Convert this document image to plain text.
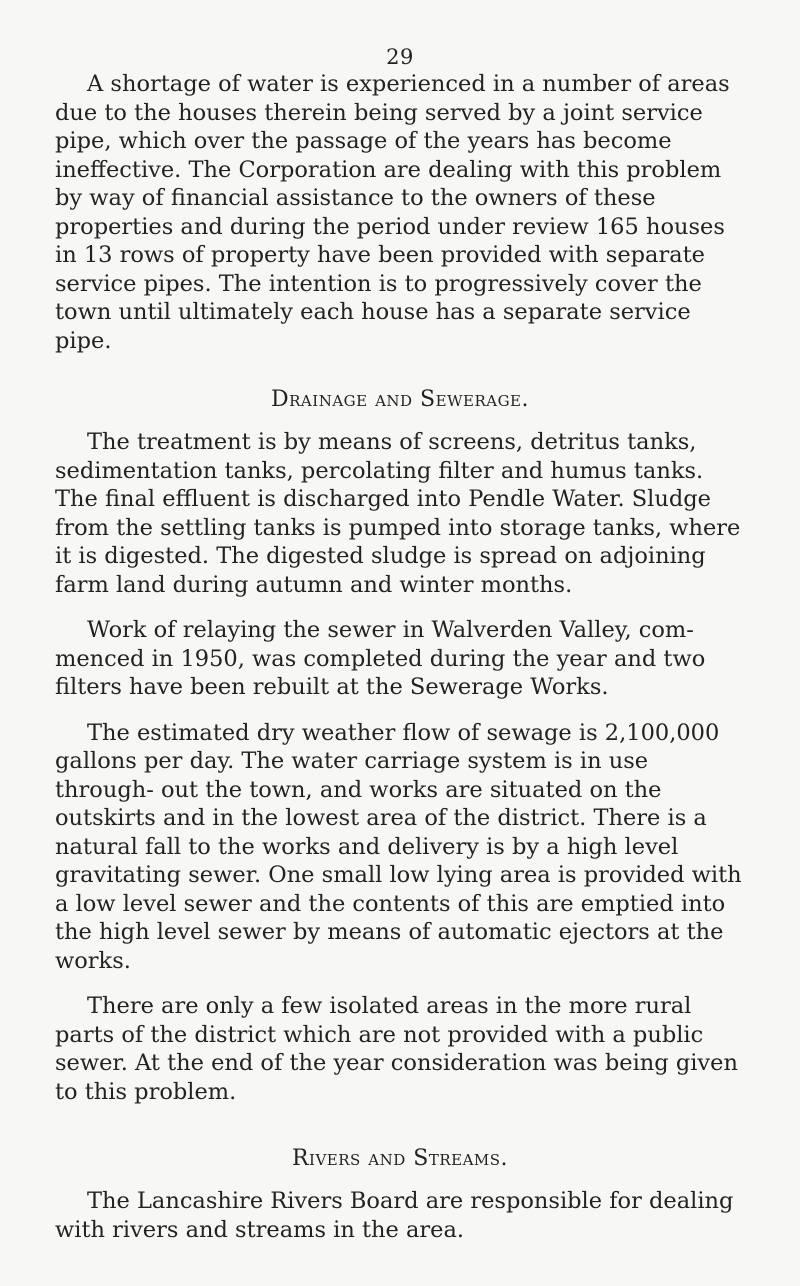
29

A shortage of water is experienced in a number of areas due to the houses therein being served by a joint service pipe, which over the passage of the years has become ineffective. The Corporation are dealing with this problem by way of financial assistance to the owners of these properties and during the period under review 165 houses in 13 rows of property have been provided with separate service pipes. The intention is to progressively cover the town until ultimately each house has a separate service pipe.

Drainage and Sewerage.

The treatment is by means of screens, detritus tanks, sedimentation tanks, percolating filter and humus tanks. The final effluent is discharged into Pendle Water. Sludge from the settling tanks is pumped into storage tanks, where it is digested. The digested sludge is spread on adjoining farm land during autumn and winter months.

Work of relaying the sewer in Walverden Valley, com- menced in 1950, was completed during the year and two filters have been rebuilt at the Sewerage Works.

The estimated dry weather flow of sewage is 2,100,000 gallons per day. The water carriage system is in use through- out the town, and works are situated on the outskirts and in the lowest area of the district. There is a natural fall to the works and delivery is by a high level gravitating sewer. One small low lying area is provided with a low level sewer and the contents of this are emptied into the high level sewer by means of automatic ejectors at the works.

There are only a few isolated areas in the more rural parts of the district which are not provided with a public sewer. At the end of the year consideration was being given to this problem.

Rivers and Streams.

The Lancashire Rivers Board are responsible for dealing with rivers and streams in the area.
